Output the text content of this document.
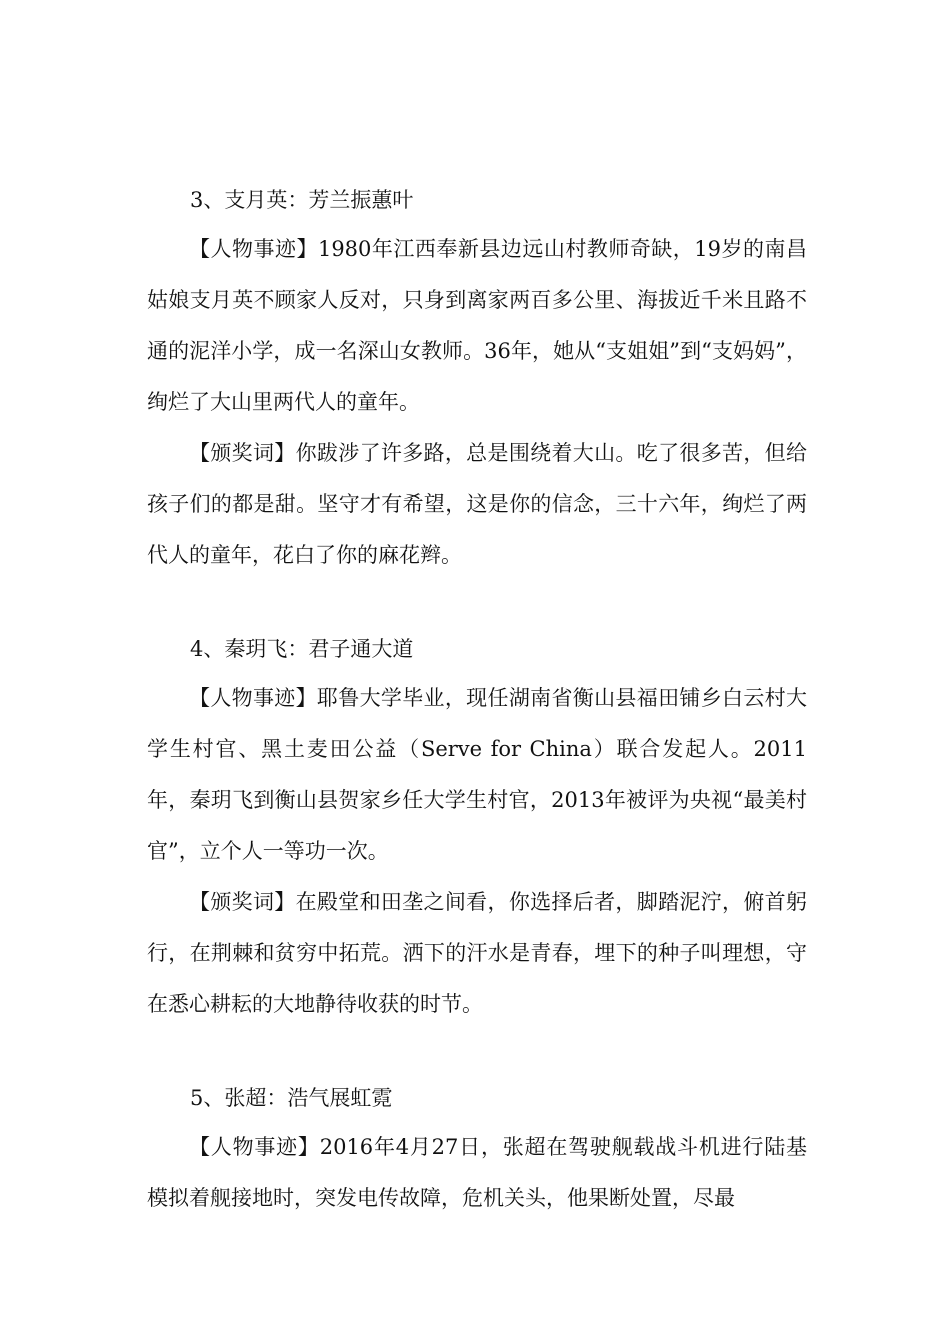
3、支月英：芳兰振蕙叶

【人物事迹】1980年江西奉新县边远山村教师奇缺，19岁的南昌姑娘支月英不顾家人反对，只身到离家两百多公里、海拔近千米且路不通的泥洋小学，成一名深山女教师。36年，她从“支姐姐”到“支妈妈”，绚烂了大山里两代人的童年。

【颁奖词】你跋涉了许多路，总是围绕着大山。吃了很多苦，但给孩子们的都是甜。坚守才有希望，这是你的信念，三十六年，绚烂了两代人的童年，花白了你的麻花辫。

4、秦玥飞：君子通大道

【人物事迹】耶鲁大学毕业，现任湖南省衡山县福田铺乡白云村大学生村官、黑土麦田公益（Serve for China）联合发起人。2011年，秦玥飞到衡山县贺家乡任大学生村官，2013年被评为央视“最美村官”，立个人一等功一次。

【颁奖词】在殿堂和田垄之间看，你选择后者，脚踏泥泞，俯首躬行，在荆棘和贫穷中拓荒。洒下的汗水是青春，埋下的种子叫理想，守在悉心耕耘的大地静待收获的时节。

5、张超：浩气展虹霓

【人物事迹】2016年4月27日，张超在驾驶舰载战斗机进行陆基模拟着舰接地时，突发电传故障，危机关头，他果断处置，尽最
